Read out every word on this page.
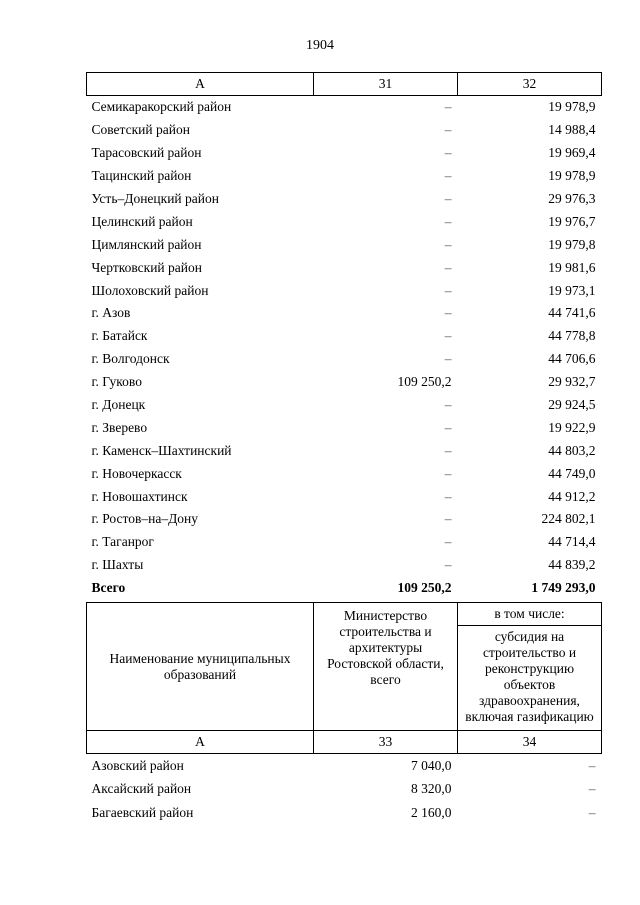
1904
А	31	32
Семикаракорский район	–	19 978,9
Советский район	–	14 988,4
Тарасовский район	–	19 969,4
Тацинский район	–	19 978,9
Усть–Донецкий район	–	29 976,3
Целинский район	–	19 976,7
Цимлянский район	–	19 979,8
Чертковский район	–	19 981,6
Шолоховский район	–	19 973,1
г. Азов	–	44 741,6
г. Батайск	–	44 778,8
г. Волгодонск	–	44 706,6
г. Гуково	109 250,2	29 932,7
г. Донецк	–	29 924,5
г. Зверево	–	19 922,9
г. Каменск–Шахтинский	–	44 803,2
г. Новочеркасск	–	44 749,0
г. Новошахтинск	–	44 912,2
г. Ростов–на–Дону	–	224 802,1
г. Таганрог	–	44 714,4
г. Шахты	–	44 839,2
Всего	109 250,2	1 749 293,0
Наименование муниципальных образований	Министерство строительства и архитектуры Ростовской области, всего	в том числе:
		субсидия на строительство и реконструкцию объектов здравоохранения, включая газификацию
А	33	34
Азовский район	7 040,0	–
Аксайский район	8 320,0	–
Багаевский район	2 160,0	–
